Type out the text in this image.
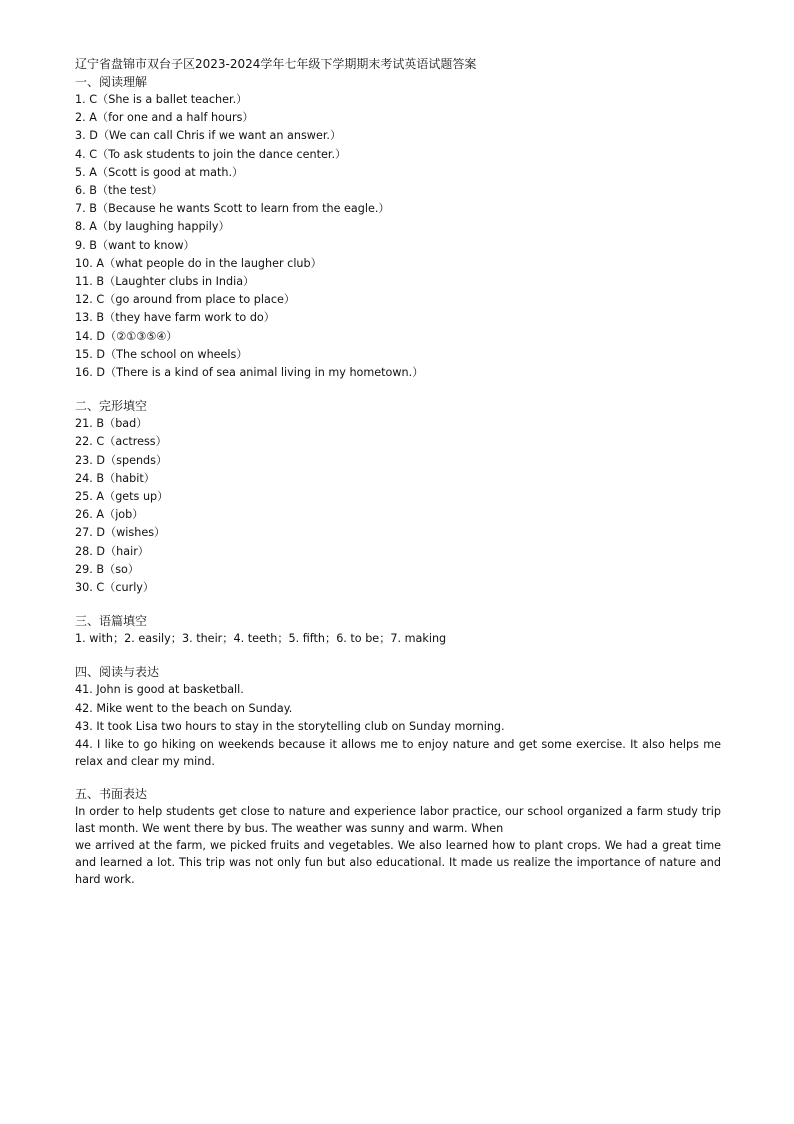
辽宁省盘锦市双台子区2023-2024学年七年级下学期期末考试英语试题答案
一、阅读理解
1. C（She is a ballet teacher.）
2. A（for one and a half hours）
3. D（We can call Chris if we want an answer.）
4. C（To ask students to join the dance center.）
5. A（Scott is good at math.）
6. B（the test）
7. B（Because he wants Scott to learn from the eagle.）
8. A（by laughing happily）
9. B（want to know）
10. A（what people do in the laugher club）
11. B（Laughter clubs in India）
12. C（go around from place to place）
13. B（they have farm work to do）
14. D（②①③⑤④）
15. D（The school on wheels）
16. D（There is a kind of sea animal living in my hometown.）
二、完形填空
21. B（bad）
22. C（actress）
23. D（spends）
24. B（habit）
25. A（gets up）
26. A（job）
27. D（wishes）
28. D（hair）
29. B（so）
30. C（curly）
三、语篇填空
1. with；2. easily；3. their；4. teeth；5. fifth；6. to be；7. making
四、阅读与表达
41. John is good at basketball.
42. Mike went to the beach on Sunday.
43. It took Lisa two hours to stay in the storytelling club on Sunday morning.
44. I like to go hiking on weekends because it allows me to enjoy nature and get some exercise. It also helps me relax and clear my mind.
五、书面表达
In order to help students get close to nature and experience labor practice, our school organized a farm study trip last month. We went there by bus. The weather was sunny and warm. When
we arrived at the farm, we picked fruits and vegetables. We also learned how to plant crops. We had a great time and learned a lot. This trip was not only fun but also educational. It made us realize the importance of nature and hard work.
